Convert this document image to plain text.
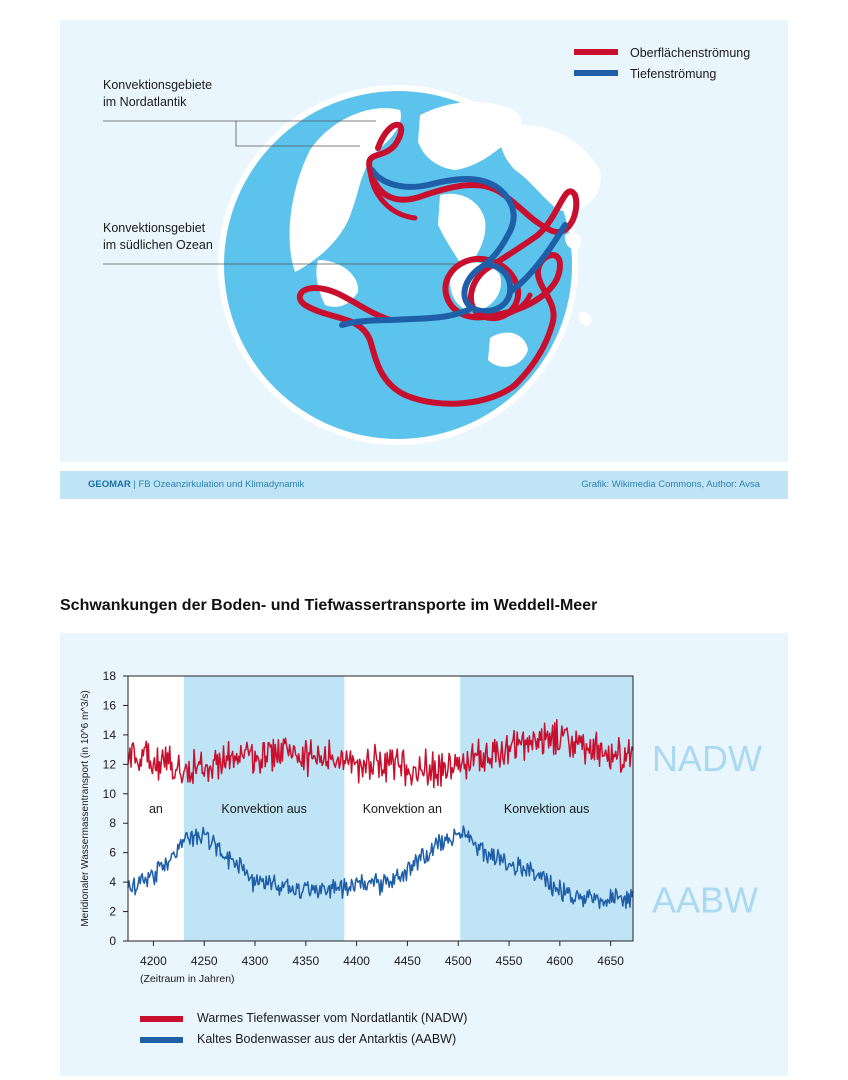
Oberflächenströmung
Tiefenströmung
Konvektionsgebiete
im Nordatlantik
Konvektionsgebiet
im südlichen Ozean
GEOMAR | FB Ozeanzirkulation und Klimadynamik	Grafik: Wikimedia Commons, Author: Avsa
Schwankungen der Boden- und Tiefwassertransporte im Weddell-Meer
an	Konvektion aus	Konvektion an	Konvektion aus
0
2
4
6
8
10
12
14
16
18
4200 4250 4300 4350 4400 4450 4500 4550 4600 4650
(Zeitraum in Jahren)
Meridionaler Wassermassentransport (in 10^6 m^3/s)	NADW
AABW
Warmes Tiefenwasser vom Nordatlantik (NADW)
Kaltes Bodenwasser aus der Antarktis (AABW)
